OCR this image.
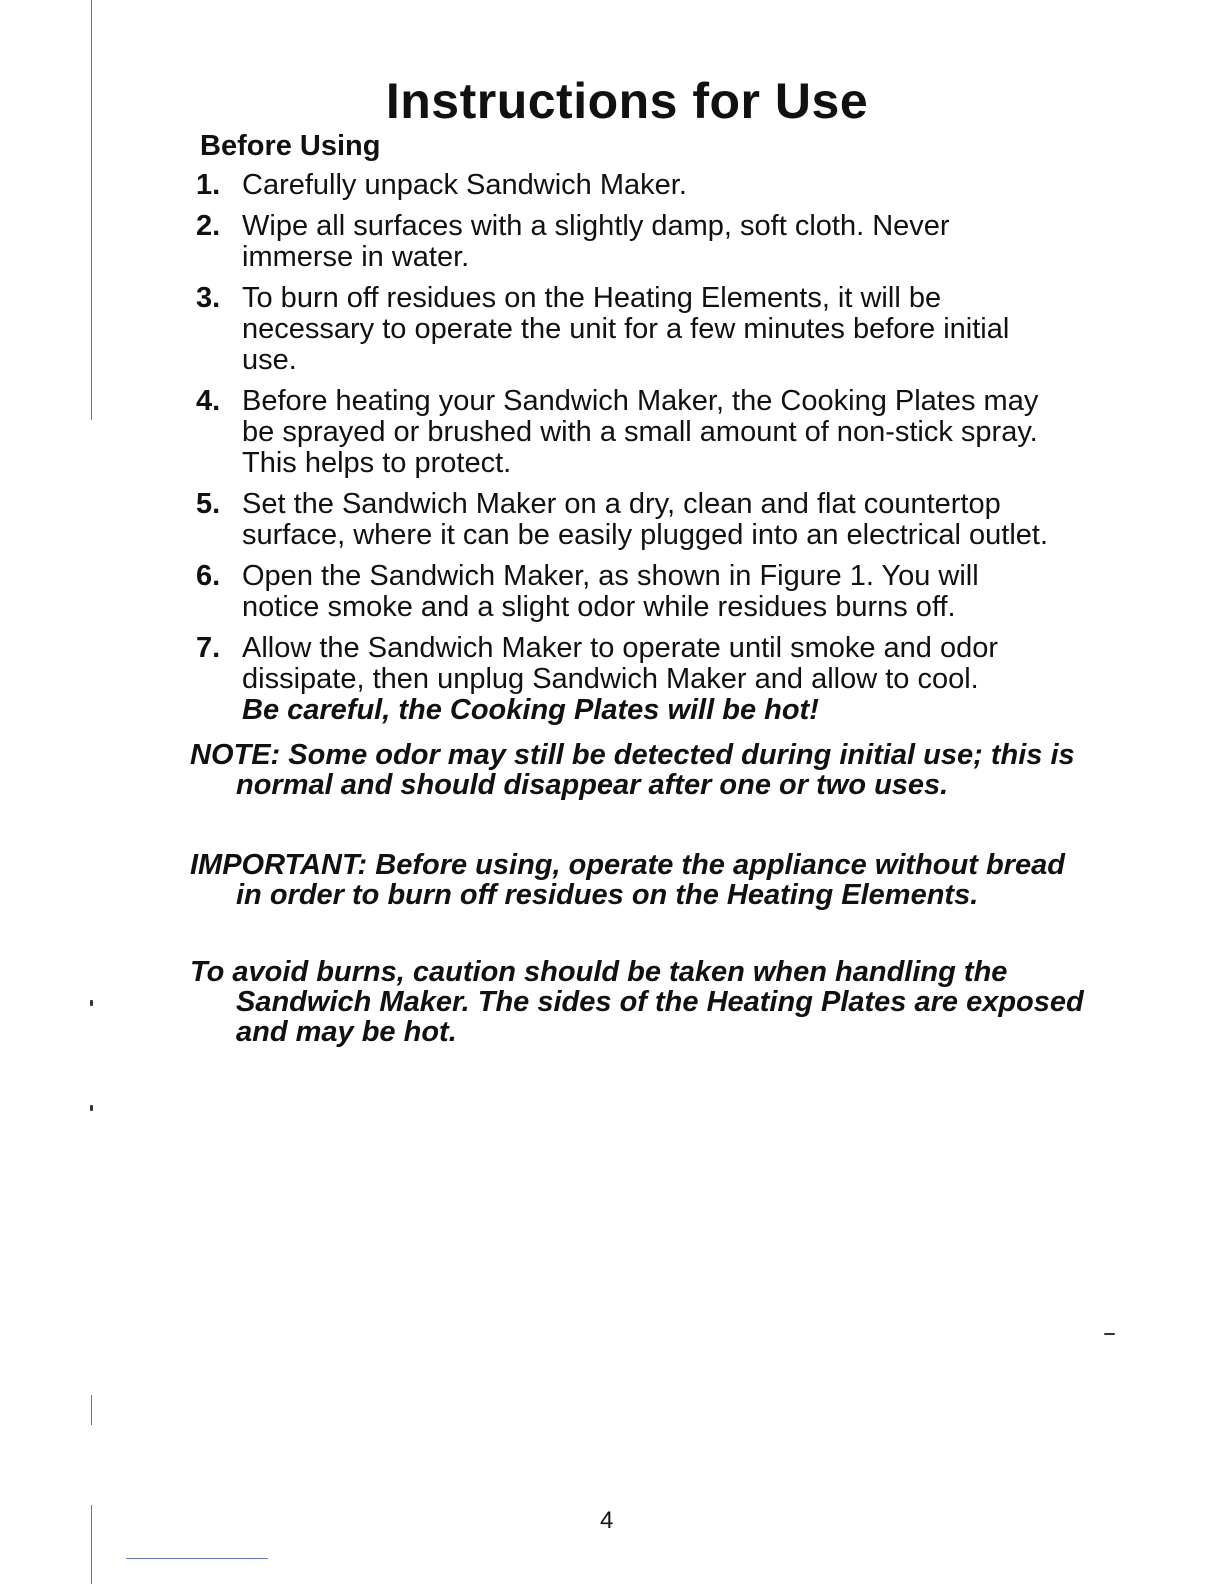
Instructions for Use
Before Using
1. Carefully unpack Sandwich Maker.
2. Wipe all surfaces with a slightly damp, soft cloth. Never immerse in water.
3. To burn off residues on the Heating Elements, it will be necessary to operate the unit for a few minutes before initial use.
4. Before heating your Sandwich Maker, the Cooking Plates may be sprayed or brushed with a small amount of non-stick spray. This helps to protect.
5. Set the Sandwich Maker on a dry, clean and flat countertop surface, where it can be easily plugged into an electrical outlet.
6. Open the Sandwich Maker, as shown in Figure 1. You will notice smoke and a slight odor while residues burns off.
7. Allow the Sandwich Maker to operate until smoke and odor dissipate, then unplug Sandwich Maker and allow to cool.
Be careful, the Cooking Plates will be hot!
NOTE: Some odor may still be detected during initial use; this is normal and should disappear after one or two uses.
IMPORTANT: Before using, operate the appliance without bread in order to burn off residues on the Heating Elements.
To avoid burns, caution should be taken when handling the Sandwich Maker. The sides of the Heating Plates are exposed and may be hot.
4
